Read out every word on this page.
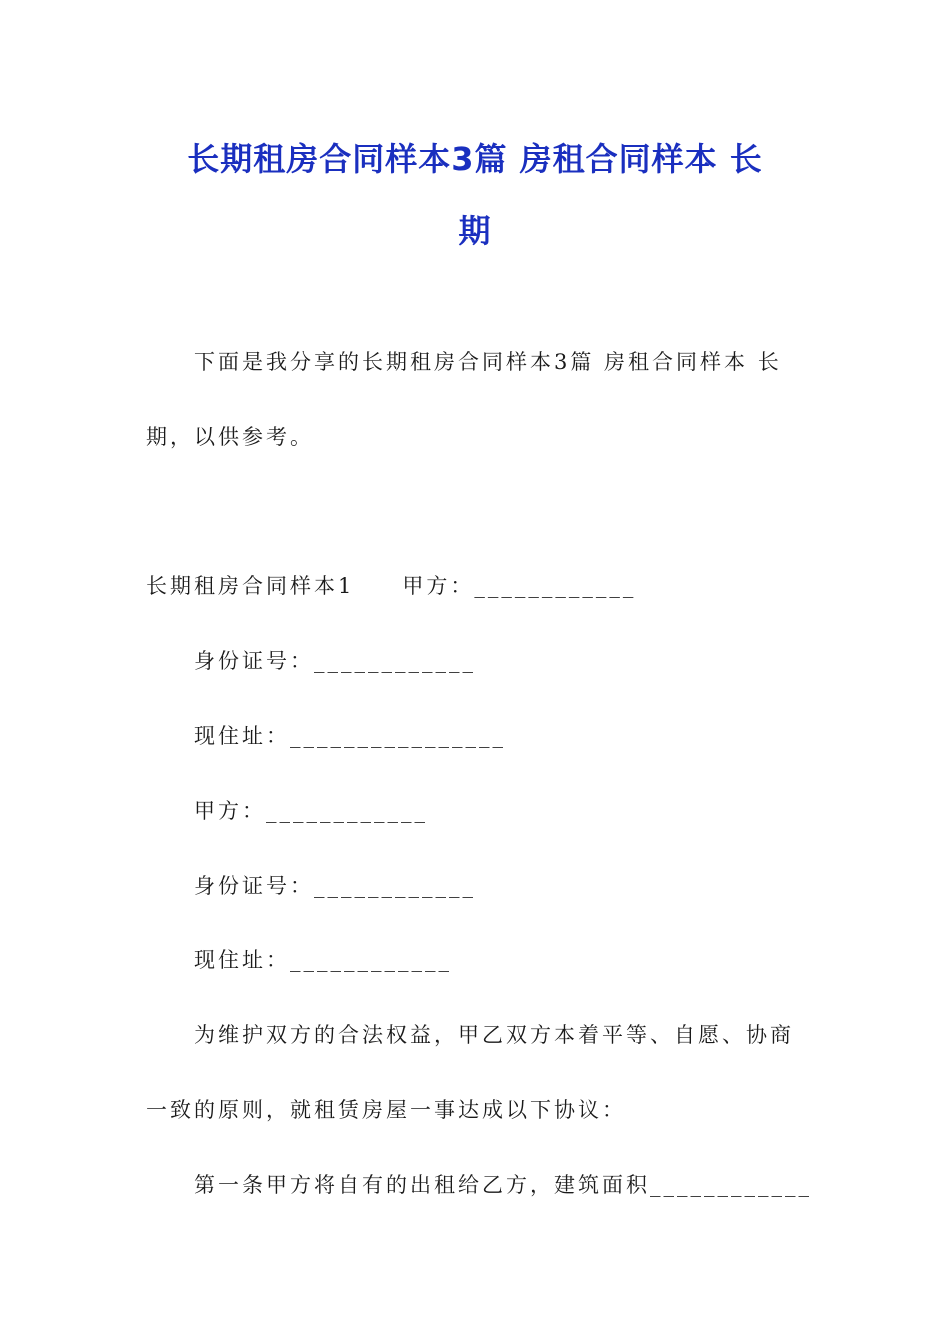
长期租房合同样本3篇 房租合同样本 长
期
下面是我分享的长期租房合同样本3篇 房租合同样本 长
期，以供参考。
长期租房合同样本1　　甲方：____________
身份证号：____________
现住址：________________
甲方：____________
身份证号：____________
现住址：____________
为维护双方的合法权益，甲乙双方本着平等、自愿、协商
一致的原则，就租赁房屋一事达成以下协议：
第一条甲方将自有的出租给乙方，建筑面积____________
